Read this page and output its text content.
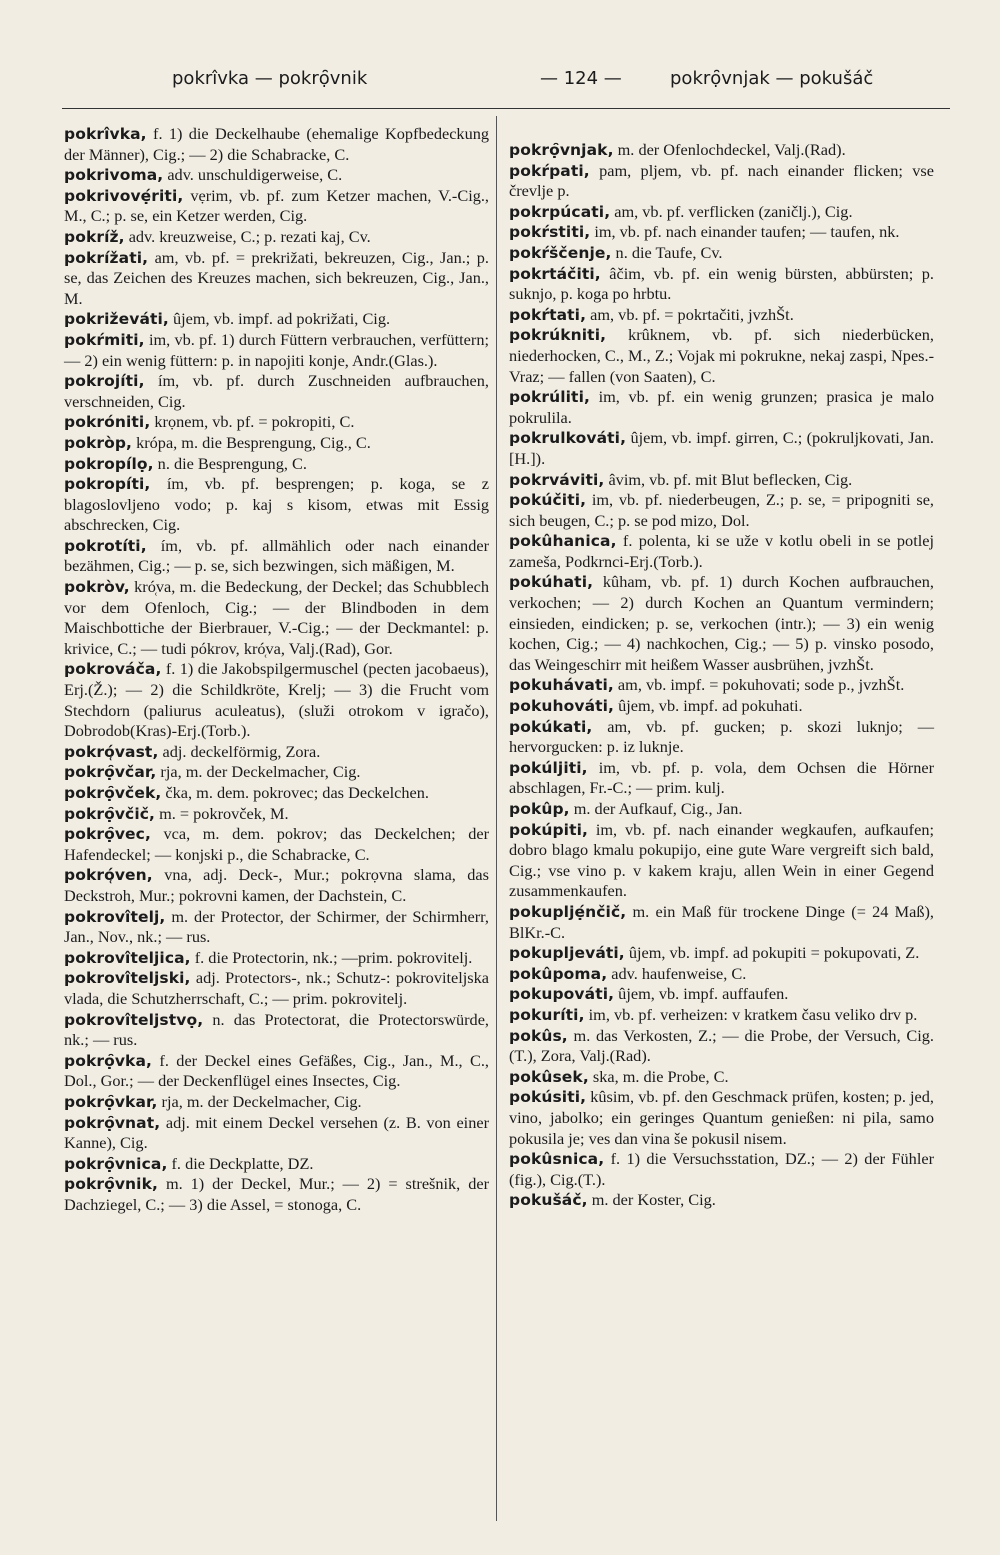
pokrîvka — pokrọ̑vnik	— 124 —	pokrọ̑vnjak — pokušáč

pokrîvka, f. 1) die Deckelhaube (ehemalige Kopfbedeckung der Männer), Cig.; — 2) die Schabracke, C.

pokrivoma, adv. unschuldigerweise, C.

pokrivovẹ́riti, vẹrim, vb. pf. zum Ketzer machen, V.-Cig., M., C.; p. se, ein Ketzer werden, Cig.

pokríž, adv. kreuzweise, C.; p. rezati kaj, Cv.

pokrížati, am, vb. pf. = prekrižati, bekreuzen, Cig., Jan.; p. se, das Zeichen des Kreuzes machen, sich bekreuzen, Cig., Jan., M.

pokriževáti, ûjem, vb. impf. ad pokrižati, Cig.

pokŕmiti, im, vb. pf. 1) durch Füttern verbrauchen, verfüttern; — 2) ein wenig füttern: p. in napojiti konje, Andr.(Glas.).

pokrojíti, ím, vb. pf. durch Zuschneiden aufbrauchen, verschneiden, Cig.

pokróniti, krọnem, vb. pf. = pokropiti, C.

pokròp, krópa, m. die Besprengung, Cig., C.

pokropílọ, n. die Besprengung, C.

pokropíti, ím, vb. pf. besprengen; p. koga, se z blagoslovljeno vodo; p. kaj s kisom, etwas mit Essig abschrecken, Cig.

pokrotíti, ím, vb. pf. allmählich oder nach einander bezähmen, Cig.; — p. se, sich bezwingen, sich mäßigen, M.

pokròv, kró̜va, m. die Bedeckung, der Deckel; das Schubblech vor dem Ofenloch, Cig.; — der Blindboden in dem Maischbottiche der Bierbrauer, V.-Cig.; — der Deckmantel: p. krivice, C.; — tudi pókrov, kró̜va, Valj.(Rad), Gor.

pokrováča, f. 1) die Jakobspilgermuschel (pecten jacobaeus), Erj.(Ž.); — 2) die Schildkröte, Krelj; — 3) die Frucht vom Stechdorn (paliurus aculeatus), (služi otrokom v igračo), Dobrodob(Kras)-Erj.(Torb.).

pokró̜vast, adj. deckelförmig, Zora.

pokrọ̑včar, rja, m. der Deckelmacher, Cig.

pokrọ̑vček, čka, m. dem. pokrovec; das Deckelchen.

pokrọ̑včič, m. = pokrovček, M.

pokrọ̑vec, vca, m. dem. pokrov; das Deckelchen; der Hafendeckel; — konjski p., die Schabracke, C.

pokró̜ven, vna, adj. Deck-, Mur.; pokrọvna slama, das Deckstroh, Mur.; pokrovni kamen, der Dachstein, C.

pokrovîtelj, m. der Protector, der Schirmer, der Schirmherr, Jan., Nov., nk.; — rus.

pokrovîteljica, f. die Protectorin, nk.; —prim. pokrovitelj.

pokrovîteljski, adj. Protectors-, nk.; Schutz-: pokroviteljska vlada, die Schutzherrschaft, C.; — prim. pokrovitelj.

pokrovîteljstvọ, n. das Protectorat, die Protectorswürde, nk.; — rus.

pokrọ̑vka, f. der Deckel eines Gefäßes, Cig., Jan., M., C., Dol., Gor.; — der Deckenflügel eines Insectes, Cig.

pokrọ̑vkar, rja, m. der Deckelmacher, Cig.

pokrọ̑vnat, adj. mit einem Deckel versehen (z. B. von einer Kanne), Cig.

pokrọ̑vnica, f. die Deckplatte, DZ.

pokrọ̑vnik, m. 1) der Deckel, Mur.; — 2) = strešnik, der Dachziegel, C.; — 3) die Assel, = stonoga, C.

pokrọ̑vnjak, m. der Ofenlochdeckel, Valj.(Rad).

pokŕpati, pam, pljem, vb. pf. nach einander flicken; vse črevlje p.

pokrpúcati, am, vb. pf. verflicken (zaničlj.), Cig.

pokŕstiti, im, vb. pf. nach einander taufen; — taufen, nk.

pokŕščenje, n. die Taufe, Cv.

pokrtáčiti, âčim, vb. pf. ein wenig bürsten, abbürsten; p. suknjo, p. koga po hrbtu.

pokŕtati, am, vb. pf. = pokrtačiti, jvzhŠt.

pokrúkniti, krûknem, vb. pf. sich niederbücken, niederhocken, C., M., Z.; Vojak mi pokrukne, nekaj zaspi, Npes.-Vraz; — fallen (von Saaten), C.

pokrúliti, im, vb. pf. ein wenig grunzen; prasica je malo pokrulila.

pokrulkováti, ûjem, vb. impf. girren, C.; (pokruljkovati, Jan.[H.]).

pokrváviti, âvim, vb. pf. mit Blut beflecken, Cig.

pokúčiti, im, vb. pf. niederbeugen, Z.; p. se, = pripogniti se, sich beugen, C.; p. se pod mizo, Dol.

pokûhanica, f. polenta, ki se uže v kotlu obeli in se potlej zameša, Podkrnci-Erj.(Torb.).

pokúhati, kûham, vb. pf. 1) durch Kochen aufbrauchen, verkochen; — 2) durch Kochen an Quantum vermindern; einsieden, eindicken; p. se, verkochen (intr.); — 3) ein wenig kochen, Cig.; — 4) nachkochen, Cig.; — 5) p. vinsko posodo, das Weingeschirr mit heißem Wasser ausbrühen, jvzhŠt.

pokuhávati, am, vb. impf. = pokuhovati; sode p., jvzhŠt.

pokuhováti, ûjem, vb. impf. ad pokuhati.

pokúkati, am, vb. pf. gucken; p. skozi luknjo; — hervorgucken: p. iz luknje.

pokúljiti, im, vb. pf. p. vola, dem Ochsen die Hörner abschlagen, Fr.-C.; — prim. kulj.

pokûp, m. der Aufkauf, Cig., Jan.

pokúpiti, im, vb. pf. nach einander wegkaufen, aufkaufen; dobro blago kmalu pokupijo, eine gute Ware vergreift sich bald, Cig.; vse vino p. v kakem kraju, allen Wein in einer Gegend zusammenkaufen.

pokupljẹ́nčič, m. ein Maß für trockene Dinge (= 24 Maß), BlKr.-C.

pokupljeváti, ûjem, vb. impf. ad pokupiti = pokupovati, Z.

pokûpoma, adv. haufenweise, C.

pokupováti, ûjem, vb. impf. auffaufen.

pokuríti, im, vb. pf. verheizen: v kratkem času veliko drv p.

pokûs, m. das Verkosten, Z.; — die Probe, der Versuch, Cig.(T.), Zora, Valj.(Rad).

pokûsek, ska, m. die Probe, C.

pokúsiti, kûsim, vb. pf. den Geschmack prüfen, kosten; p. jed, vino, jabolko; ein geringes Quantum genießen: ni pila, samo pokusila je; ves dan vina še pokusil nisem.

pokûsnica, f. 1) die Versuchsstation, DZ.; — 2) der Fühler (fig.), Cig.(T.).

pokušáč, m. der Koster, Cig.
